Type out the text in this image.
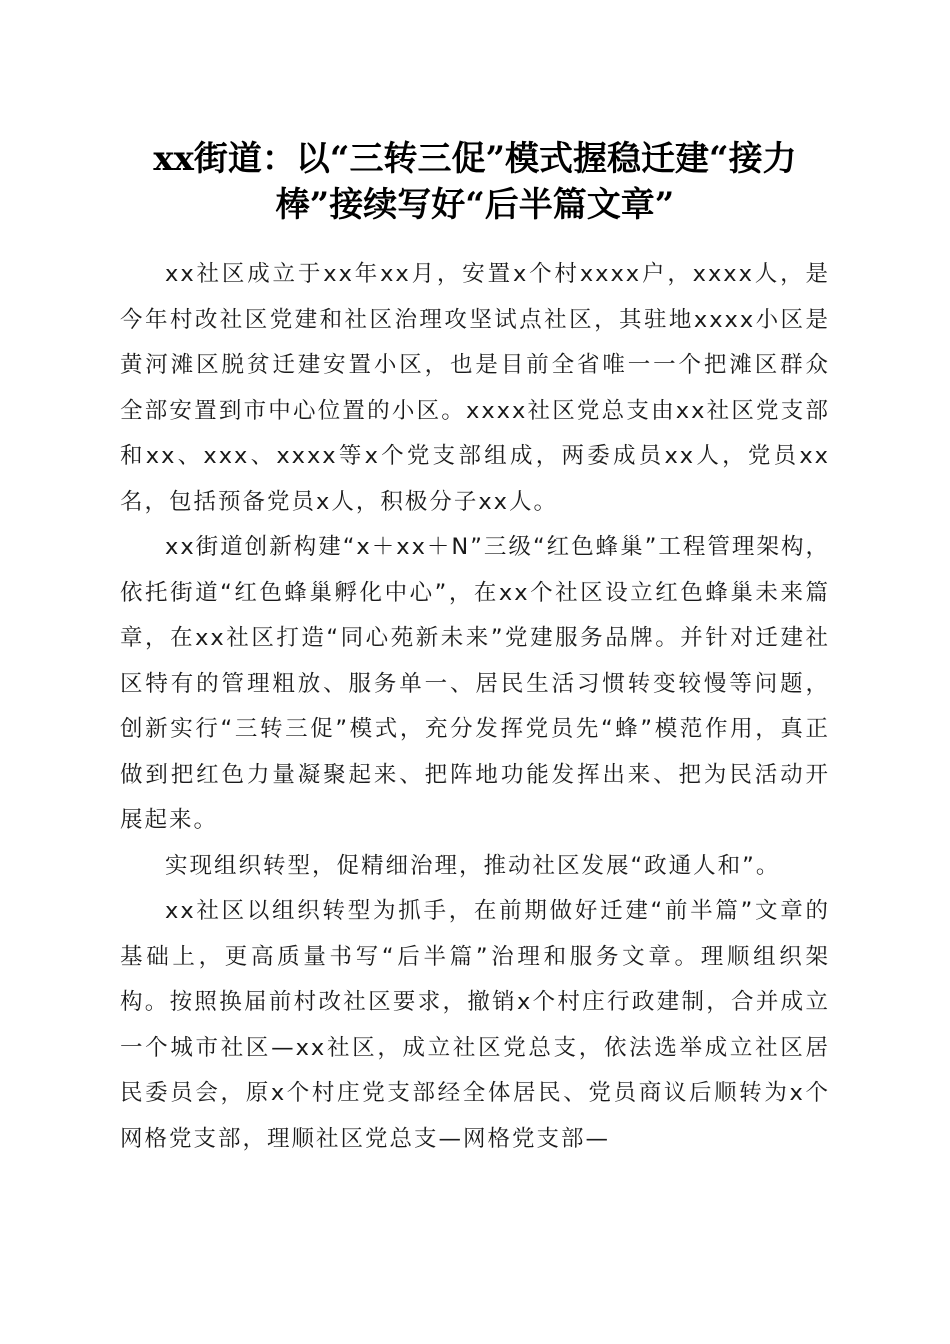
xx街道：以“三转三促”模式握稳迁建“接力棒”接续写好“后半篇文章”

xx社区成立于xx年xx月，安置x个村xxxx户，xxxx人，是今年村改社区党建和社区治理攻坚试点社区，其驻地xxxx小区是黄河滩区脱贫迁建安置小区，也是目前全省唯一一个把滩区群众全部安置到市中心位置的小区。xxxx社区党总支由xx社区党支部和xx、xxx、xxxx等x个党支部组成，两委成员xx人，党员xx名，包括预备党员x人，积极分子xx人。

xx街道创新构建“x＋xx＋N”三级“红色蜂巢”工程管理架构，依托街道“红色蜂巢孵化中心”，在xx个社区设立红色蜂巢未来篇章，在xx社区打造“同心苑新未来”党建服务品牌。并针对迁建社区特有的管理粗放、服务单一、居民生活习惯转变较慢等问题，创新实行“三转三促”模式，充分发挥党员先“蜂”模范作用，真正做到把红色力量凝聚起来、把阵地功能发挥出来、把为民活动开展起来。

实现组织转型，促精细治理，推动社区发展“政通人和”。

xx社区以组织转型为抓手，在前期做好迁建“前半篇”文章的基础上，更高质量书写“后半篇”治理和服务文章。理顺组织架构。按照换届前村改社区要求，撤销x个村庄行政建制，合并成立一个城市社区—xx社区，成立社区党总支，依法选举成立社区居民委员会，原x个村庄党支部经全体居民、党员商议后顺转为x个网格党支部，理顺社区党总支—网格党支部—
